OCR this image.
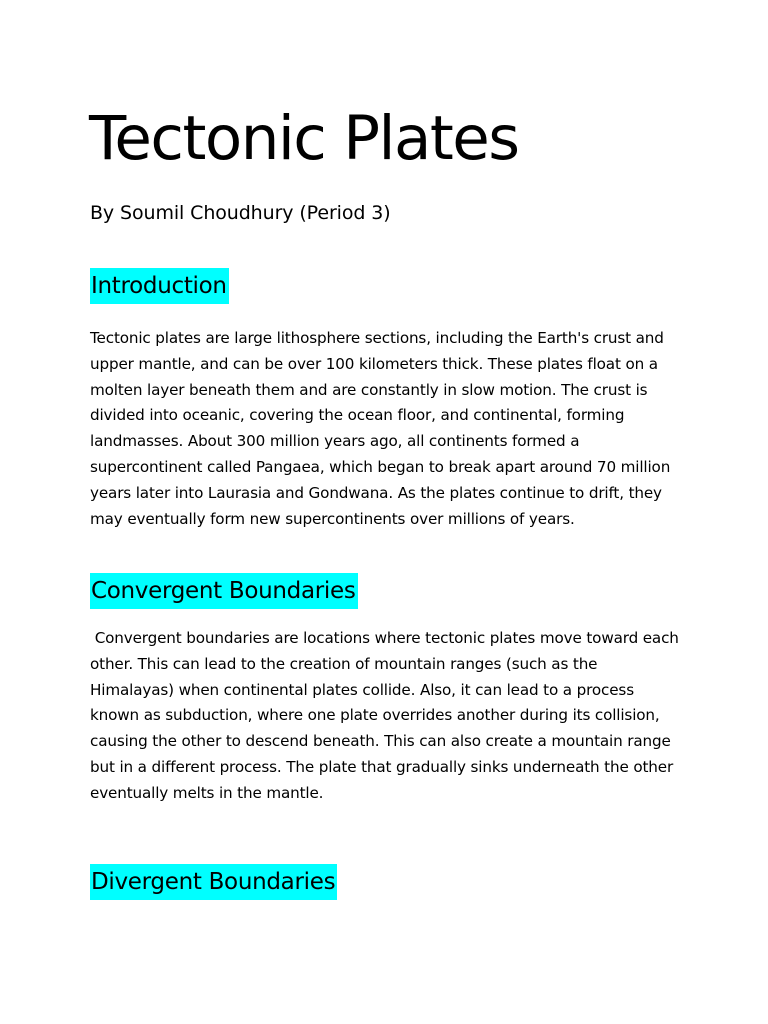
Tectonic Plates

By Soumil Choudhury (Period 3)

Introduction

Tectonic plates are large lithosphere sections, including the Earth's crust and upper mantle, and can be over 100 kilometers thick. These plates float on a molten layer beneath them and are constantly in slow motion. The crust is divided into oceanic, covering the ocean floor, and continental, forming landmasses. About 300 million years ago, all continents formed a supercontinent called Pangaea, which began to break apart around 70 million years later into Laurasia and Gondwana. As the plates continue to drift, they may eventually form new supercontinents over millions of years.

Convergent Boundaries

Convergent boundaries are locations where tectonic plates move toward each other. This can lead to the creation of mountain ranges (such as the Himalayas) when continental plates collide. Also, it can lead to a process known as subduction, where one plate overrides another during its collision, causing the other to descend beneath. This can also create a mountain range but in a different process. The plate that gradually sinks underneath the other eventually melts in the mantle.

Divergent Boundaries
